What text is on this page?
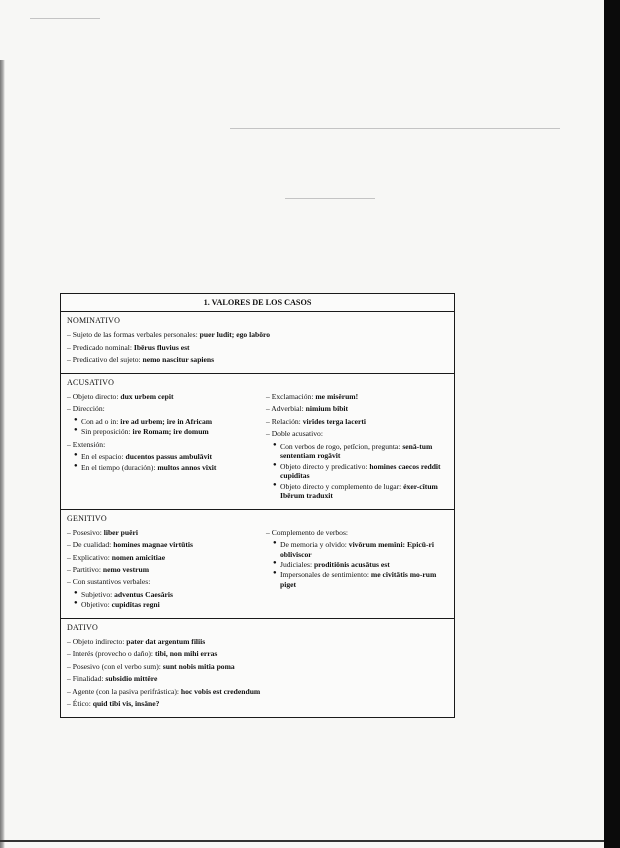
1. VALORES DE LOS CASOS
NOMINATIVO
– Sujeto de las formas verbales personales: puer ludit; ego labōro
– Predicado nominal: Ibērus fluvius est
– Predicativo del sujeto: nemo nascitur sapiens
ACUSATIVO
– Objeto directo: dux urbem cepit
– Dirección:
● Con ad o in: ire ad urbem; ire in Africam
● Sin preposición: ire Romam; ire domum
– Extensión:
● En el espacio: ducentos passus ambulāvit
● En el tiempo (duración): multos annos vixit
– Exclamación: me misĕrum!
– Adverbial: nimium bibit
– Relación: virĭdes terga lacerti
– Doble acusativo:
● Con verbos de rogo, petīcion, pregunta: senā-tum sententiam rogāvit
● Objeto directo y predicativo: homines caecos reddit cupidĭtas
● Objeto directo y complemento de lugar: éxer-cĭtum Ibērum traduxit
GENITIVO
– Posesivo: liber puĕri
– De cualidad: homines magnae virtūtis
– Explicativo: nomen amicitiae
– Partitivo: nemo vestrum
– Con sustantivos verbales:
● Subjetivo: adventus Caesăris
● Objetivo: cupidĭtas regni
– Complemento de verbos:
● De memoria y olvido: vivōrum memĭni: Epicū-ri obliviscor
● Judiciales: proditiōnis acusātus est
● Impersonales de sentimiento: me civitātis mo-rum piget
DATIVO
– Objeto indirecto: pater dat argentum filiis
– Interés (provecho o daño): tibi, non mihi erras
– Posesivo (con el verbo sum): sunt nobis mitia poma
– Finalidad: subsidio mittĕre
– Agente (con la pasiva perifrástica): hoc vobis est credendum
– Ético: quid tibi vis, insāne?
